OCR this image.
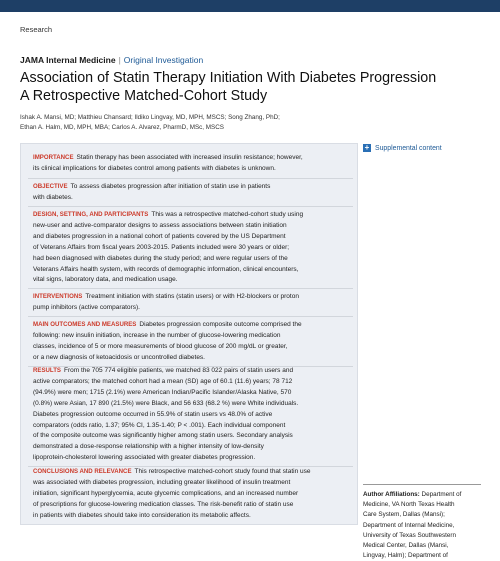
Research
JAMA Internal Medicine | Original Investigation
Association of Statin Therapy Initiation With Diabetes Progression
A Retrospective Matched-Cohort Study
Ishak A. Mansi, MD; Matthieu Chansard; Ildiko Lingvay, MD, MPH, MSCS; Song Zhang, PhD;
Ethan A. Halm, MD, MPH, MBA; Carlos A. Alvarez, PharmD, MSc, MSCS
IMPORTANCE Statin therapy has been associated with increased insulin resistance; however,
its clinical implications for diabetes control among patients with diabetes is unknown.
OBJECTIVE To assess diabetes progression after initiation of statin use in patients
with diabetes.
DESIGN, SETTING, AND PARTICIPANTS This was a retrospective matched-cohort study using
new-user and active-comparator designs to assess associations between statin initiation
and diabetes progression in a national cohort of patients covered by the US Department
of Veterans Affairs from fiscal years 2003-2015. Patients included were 30 years or older;
had been diagnosed with diabetes during the study period; and were regular users of the
Veterans Affairs health system, with records of demographic information, clinical encounters,
vital signs, laboratory data, and medication usage.
INTERVENTIONS Treatment initiation with statins (statin users) or with H2-blockers or proton
pump inhibitors (active comparators).
MAIN OUTCOMES AND MEASURES Diabetes progression composite outcome comprised the
following: new insulin initiation, increase in the number of glucose-lowering medication
classes, incidence of 5 or more measurements of blood glucose of 200 mg/dL or greater,
or a new diagnosis of ketoacidosis or uncontrolled diabetes.
RESULTS From the 705 774 eligible patients, we matched 83 022 pairs of statin users and
active comparators; the matched cohort had a mean (SD) age of 60.1 (11.6) years; 78 712
(94.9%) were men; 1715 (2.1%) were American Indian/Pacific Islander/Alaska Native, 570
(0.8%) were Asian, 17 890 (21.5%) were Black, and 56 633 (68.2 %) were White individuals.
Diabetes progression outcome occurred in 55.9% of statin users vs 48.0% of active
comparators (odds ratio, 1.37; 95% CI, 1.35-1.40; P < .001). Each individual component
of the composite outcome was significantly higher among statin users. Secondary analysis
demonstrated a dose-response relationship with a higher intensity of low-density
lipoprotein-cholesterol lowering associated with greater diabetes progression.
CONCLUSIONS AND RELEVANCE This retrospective matched-cohort study found that statin use
was associated with diabetes progression, including greater likelihood of insulin treatment
initiation, significant hyperglycemia, acute glycemic complications, and an increased number
of prescriptions for glucose-lowering medication classes. The risk-benefit ratio of statin use
in patients with diabetes should take into consideration its metabolic affects.
+ Supplemental content
Author Affiliations: Department of
Medicine, VA North Texas Health
Care System, Dallas (Mansi);
Department of Internal Medicine,
University of Texas Southwestern
Medical Center, Dallas (Mansi,
Lingvay, Halm); Department of
